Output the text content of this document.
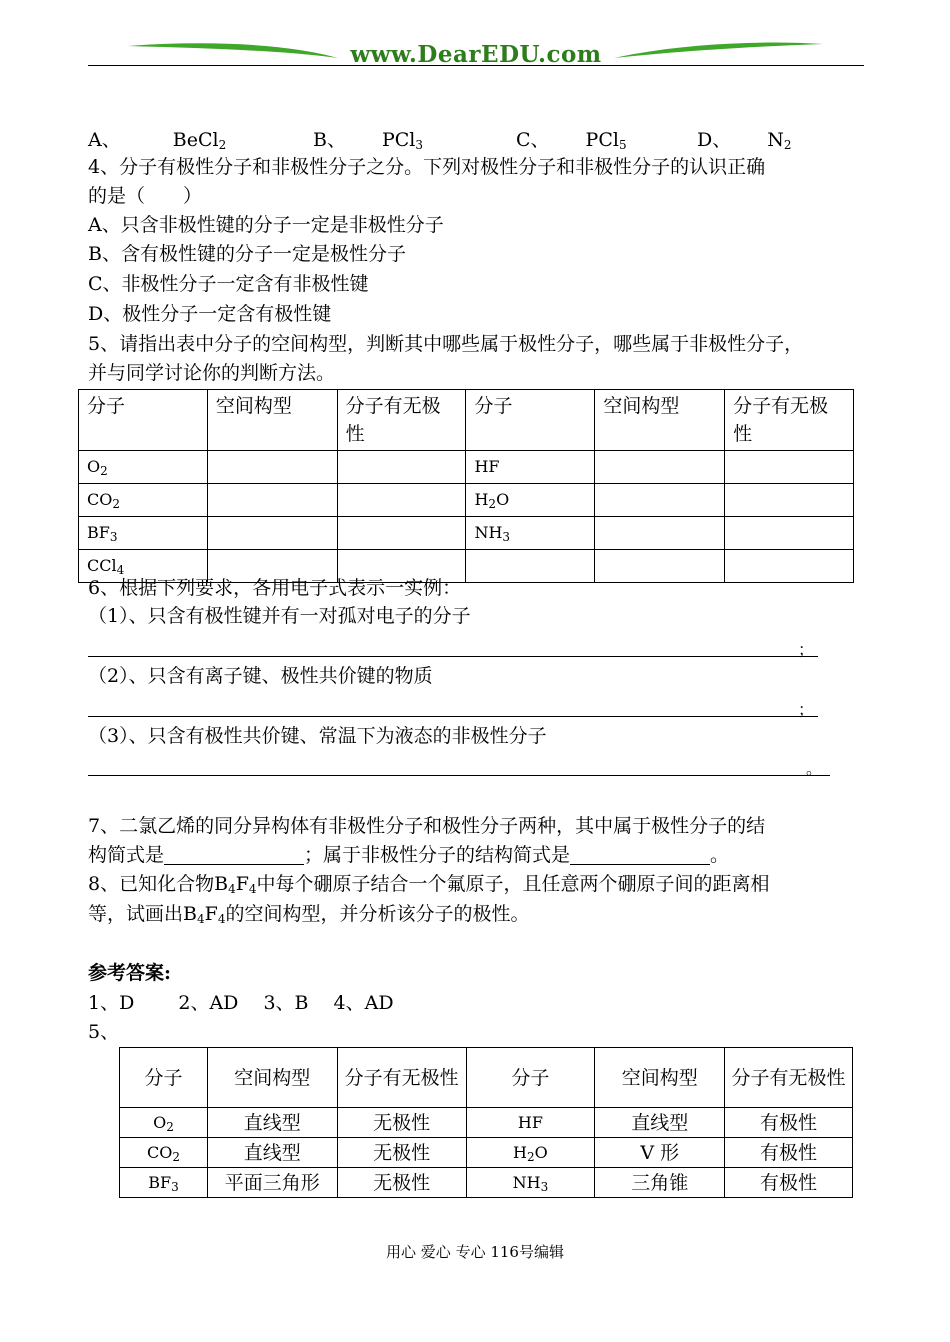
www.DearEDU.com
A、	BeCl$_2$	B、 PCl$_3$	C、 PCl$_5$	D、 $N_2$
4、分子有极性分子和非极性分子之分。下列对极性分子和非极性分子的认识正确
的是（　　）
A、只含非极性键的分子一定是非极性分子
B、含有极性键的分子一定是极性分子
C、非极性分子一定含有非极性键
D、极性分子一定含有极性键
5、请指出表中分子的空间构型，判断其中哪些属于极性分子，哪些属于非极性分子，
并与同学讨论你的判断方法。
分子	空间构型	分子有无极性	分子	空间构型	分子有无极性
$O_2$			HF		
$CO_2$			$H_2O$		
$BF_3$			$NH_3$		
CCl$_4$					
6、根据下列要求，各用电子式表示一实例：
（1）、只含有极性键并有一对孤对电子的分子
；
（2）、只含有离子键、极性共价键的物质
；
（3）、只含有极性共价键、常温下为液态的非极性分子
。
7、二氯乙烯的同分异构体有非极性分子和极性分子两种，其中属于极性分子的结
构简式是	；属于非极性分子的结构简式是	。
8、已知化合物$B_4F_4$中每个硼原子结合一个氟原子，且任意两个硼原子间的距离相
等，试画出$B_4F_4$的空间构型，并分析该分子的极性。
参考答案:
1、D　　 2、AD　 3、B　 4、AD
5、
分子	空间构型	分子有无极性	分子	空间构型	分子有无极性
$O_2$	直线型	无极性	HF	直线型	有极性
$CO_2$	直线型	无极性	$H_2O$	V 形	有极性
$BF_3$	平面三角形	无极性	$NH_3$	三角锥	有极性
用心 爱心 专心 116号编辑
